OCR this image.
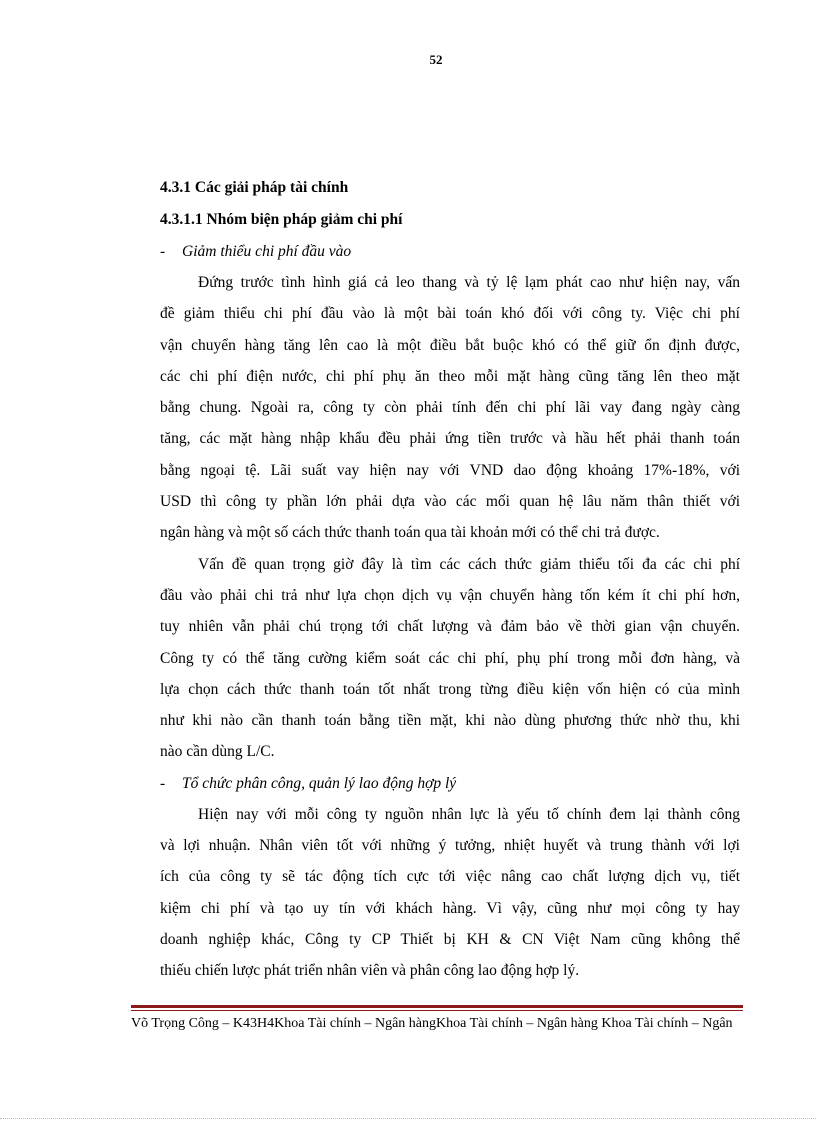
52
4.3.1 Các giải pháp tài chính
4.3.1.1 Nhóm biện pháp giảm chi phí
- Giảm thiểu chi phí đầu vào
Đứng trước tình hình giá cả leo thang và tỷ lệ lạm phát cao như hiện nay, vấn
đề giảm thiểu chi phí đầu vào là một bài toán khó đối với công ty. Việc chi phí
vận chuyển hàng tăng lên cao là một điều bắt buộc khó có thể giữ ổn định được,
các chi phí điện nước, chi phí phụ ăn theo mỗi mặt hàng cũng tăng lên theo mặt
bằng chung. Ngoài ra, công ty còn phải tính đến chi phí lãi vay đang ngày càng
tăng, các mặt hàng nhập khẩu đều phải ứng tiền trước và hầu hết phải thanh toán
bằng ngoại tệ. Lãi suất vay hiện nay với VND dao động khoảng 17%-18%, với
USD thì công ty phần lớn phải dựa vào các mối quan hệ lâu năm thân thiết với
ngân hàng và một số cách thức thanh toán qua tài khoản mới có thể chi trả được.
Vấn đề quan trọng giờ đây là tìm các cách thức giảm thiểu tối đa các chi phí
đầu vào phải chi trả như lựa chọn dịch vụ vận chuyển hàng tốn kém ít chi phí hơn,
tuy nhiên vẫn phải chú trọng tới chất lượng và đảm bảo về thời gian vận chuyển.
Công ty có thể tăng cường kiểm soát các chi phí, phụ phí trong mỗi đơn hàng, và
lựa chọn cách thức thanh toán tốt nhất trong từng điều kiện vốn hiện có của mình
như khi nào cần thanh toán bằng tiền mặt, khi nào dùng phương thức nhờ thu, khi
nào cần dùng L/C.
- Tổ chức phân công, quản lý lao động hợp lý
Hiện nay với mỗi công ty nguồn nhân lực là yếu tố chính đem lại thành công
và lợi nhuận. Nhân viên tốt với những ý tưởng, nhiệt huyết và trung thành với lợi
ích của công ty sẽ tác động tích cực tới việc nâng cao chất lượng dịch vụ, tiết
kiệm chi phí và tạo uy tín với khách hàng. Vì vậy, cũng như mọi công ty hay
doanh nghiệp khác, Công ty CP Thiết bị KH & CN Việt Nam cũng không thể
thiếu chiến lược phát triển nhân viên và phân công lao động hợp lý.
Võ Trọng Công – K43H4Khoa Tài chính – Ngân hàngKhoa Tài chính – Ngân hàng Khoa Tài chính – Ngân
